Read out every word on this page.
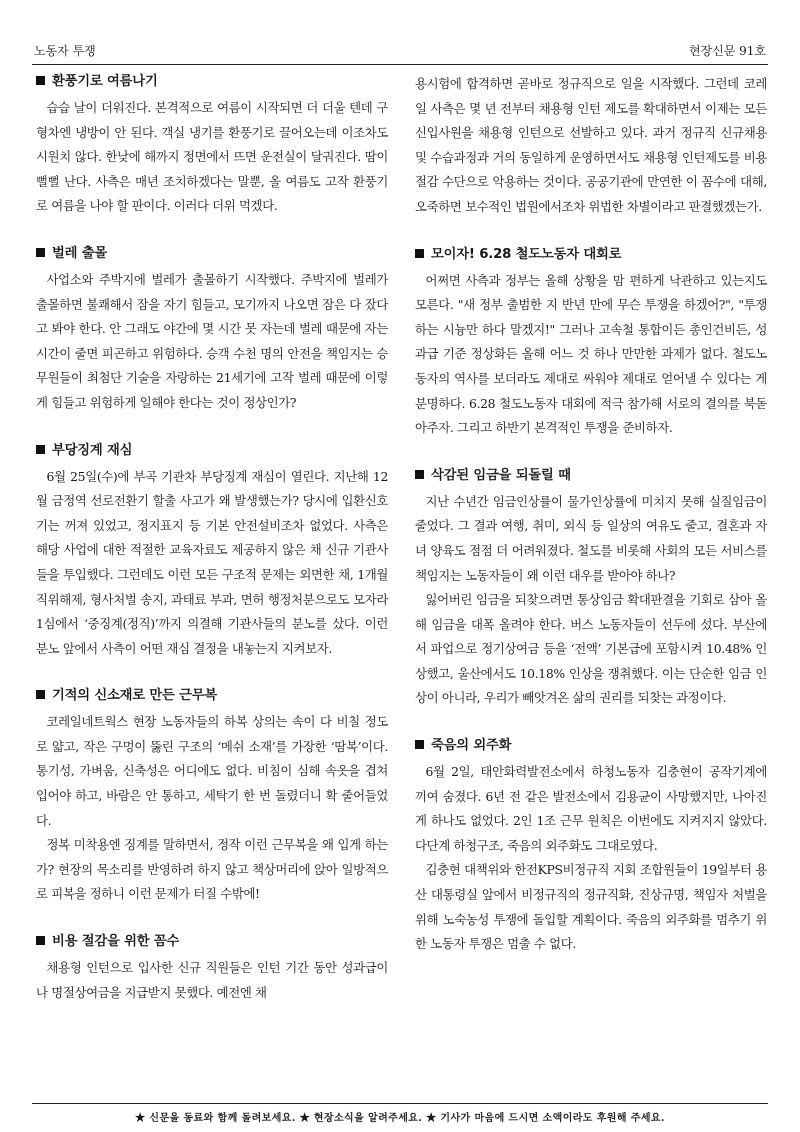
노동자 투쟁	현장신문 91호
환풍기로 여름나기

습습 날이 더워진다. 본격적으로 여름이 시작되면 더 더울 텐데 구형차엔 냉방이 안 된다. 객실 냉기를 환풍기로 끌어오는데 이조차도 시원치 않다. 한낮에 해까지 정면에서 뜨면 운전실이 달궈진다. 땀이 뻘뻘 난다. 사측은 매년 조치하겠다는 말뿐, 올 여름도 고작 환풍기로 여름을 나야 할 판이다. 이러다 더위 먹겠다.

벌레 출몰

사업소와 주박지에 벌레가 출몰하기 시작했다. 주박지에 벌레가 출몰하면 불쾌해서 잠을 자기 힘들고, 모기까지 나오면 잠은 다 잤다고 봐야 한다. 안 그래도 야간에 몇 시간 못 자는데 벌레 때문에 자는 시간이 줄면 피곤하고 위험하다. 승객 수천 명의 안전을 책임지는 승무원들이 최첨단 기술을 자랑하는 21세기에 고작 벌레 때문에 이렇게 힘들고 위험하게 일해야 한다는 것이 정상인가?

부당징계 재심

6월 25일(수)에 부곡 기관차 부당징계 재심이 열린다. 지난해 12월 금정역 선로전환기 할출 사고가 왜 발생했는가? 당시에 입환신호기는 꺼져 있었고, 정지표지 등 기본 안전설비조차 없었다. 사측은 해당 사업에 대한 적절한 교육자료도 제공하지 않은 채 신규 기관사들을 투입했다. 그런데도 이런 모든 구조적 문제는 외면한 채, 1개월 직위해제, 형사처벌 송지, 과태료 부과, 면허 행정처분으로도 모자라 1심에서 ‘중징계(정직)’까지 의결해 기관사들의 분노를 샀다. 이런 분노 앞에서 사측이 어떤 재심 결정을 내놓는지 지켜보자.

기적의 신소재로 만든 근무복

코레일네트웍스 현장 노동자들의 하복 상의는 속이 다 비칠 정도로 얇고, 작은 구멍이 뚫린 구조의 ‘메쉬 소재’를 가장한 ‘땀복’이다. 통기성, 가벼움, 신축성은 어디에도 없다. 비침이 심해 속옷을 겹쳐 입어야 하고, 바람은 안 통하고, 세탁기 한 번 돌렸더니 확 줄어들었다.

정복 미착용엔 징계를 말하면서, 정작 이런 근무복을 왜 입게 하는가? 현장의 목소리를 반영하려 하지 않고 책상머리에 앉아 일방적으로 피복을 정하니 이런 문제가 터질 수밖에!

비용 절감을 위한 꼼수

채용형 인턴으로 입사한 신규 직원들은 인턴 기간 동안 성과급이나 명절상여금을 지급받지 못했다. 예전엔 채

용시험에 합격하면 곧바로 정규직으로 일을 시작했다. 그런데 코레일 사측은 몇 년 전부터 채용형 인턴 제도를 확대하면서 이제는 모든 신입사원을 채용형 인턴으로 선발하고 있다. 과거 정규직 신규채용 및 수습과정과 거의 동일하게 운영하면서도 채용형 인턴제도를 비용 절감 수단으로 악용하는 것이다. 공공기관에 만연한 이 꼼수에 대해, 오죽하면 보수적인 법원에서조차 위법한 차별이라고 판결했겠는가.

모이자! 6.28 철도노동자 대회로

어쩌면 사측과 정부는 올해 상황을 맘 편하게 낙관하고 있는지도 모른다. "새 정부 출범한 지 반년 만에 무슨 투쟁을 하겠어?", "투쟁하는 시늉만 하다 말겠지!" 그러나 고속철 통합이든 총인건비든, 성과급 기준 정상화든 올해 어느 것 하나 만만한 과제가 없다. 철도노동자의 역사를 보더라도 제대로 싸워야 제대로 얻어낼 수 있다는 게 분명하다. 6.28 철도노동자 대회에 적극 참가해 서로의 결의를 북돋아주자. 그리고 하반기 본격적인 투쟁을 준비하자.

삭감된 임금을 되돌릴 때

지난 수년간 임금인상률이 물가인상률에 미치지 못해 실질임금이 줄었다. 그 결과 여행, 취미, 외식 등 일상의 여유도 줄고, 결혼과 자녀 양육도 점점 더 어려워졌다. 철도를 비롯해 사회의 모든 서비스를 책임지는 노동자들이 왜 이런 대우를 받아야 하나?

잃어버린 임금을 되찾으려면 통상임금 확대판결을 기회로 삼아 올해 임금을 대폭 올려야 한다. 버스 노동자들이 선두에 섰다. 부산에서 파업으로 정기상여금 등을 ‘전액’ 기본급에 포함시켜 10.48% 인상했고, 울산에서도 10.18% 인상을 쟁취했다. 이는 단순한 임금 인상이 아니라, 우리가 빼앗겨온 삶의 권리를 되찾는 과정이다.

죽음의 외주화

6월 2일, 태안화력발전소에서 하청노동자 김충현이 공작기계에 끼여 숨졌다. 6년 전 같은 발전소에서 김용균이 사망했지만, 나아진 게 하나도 없었다. 2인 1조 근무 원칙은 이번에도 지켜지지 않았다. 다단계 하청구조, 죽음의 외주화도 그대로였다.

김충현 대책위와 한전KPS비정규직 지회 조합원들이 19일부터 용산 대통령실 앞에서 비정규직의 정규직화, 진상규명, 책임자 처벌을 위해 노숙농성 투쟁에 돌입할 계획이다. 죽음의 외주화를 멈추기 위한 노동자 투쟁은 멈출 수 없다.

★ 신문을 동료와 함께 돌려보세요. ★ 현장소식을 알려주세요. ★ 기사가 마음에 드시면 소액이라도 후원해 주세요.
